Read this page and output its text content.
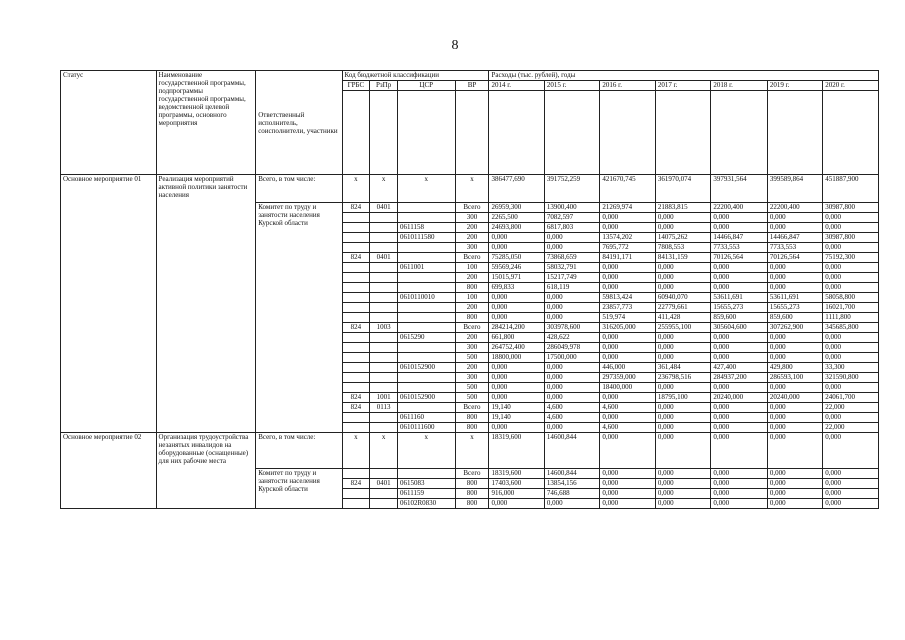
8
Статус	Наименование государственной программы, подпрограммы государственной программы, ведомственной целевой программы, основного мероприятия	Ответственный исполнитель, соисполнители, участники	Код бюджетной классификации				Расходы (тыс. рублей), годы						
			ГРБС	РзПр	ЦСР	ВР	2014 г.	2015 г.	2016 г.	2017 г.	2018 г.	2019 г.	2020 г.

Основное мероприятие 01	Реализация мероприятий активной политики занятости населения	Всего, в том числе:	х	х	х	х	386477,690	391752,259	421670,745	361970,074	397931,564	399589,864	451887,900
		Комитет по труду и занятости населения Курской области	824	0401		Всего	26959,300	13900,400	21269,974	21883,815	22200,400	22200,400	30987,800
						300	2265,500	7082,597	0,000	0,000	0,000	0,000	0,000
					0611158	200	24693,800	6817,803	0,000	0,000	0,000	0,000	0,000
					0610111580	200	0,000	0,000	13574,202	14075,262	14466,847	14466,847	30987,800
						300	0,000	0,000	7695,772	7808,553	7733,553	7733,553	0,000
			824	0401		Всего	75285,050	73868,659	84191,171	84131,159	70126,564	70126,564	75192,300
					0611001	100	59569,246	58032,791	0,000	0,000	0,000	0,000	0,000
						200	15015,971	15217,749	0,000	0,000	0,000	0,000	0,000
						800	699,833	618,119	0,000	0,000	0,000	0,000	0,000
					0610110010	100	0,000	0,000	59813,424	60940,070	53611,691	53611,691	58058,800
						200	0,000	0,000	23857,773	22779,661	15655,273	15655,273	16021,700
						800	0,000	0,000	519,974	411,428	859,600	859,600	1111,800
			824	1003		Всего	284214,200	303978,600	316205,000	255955,100	305604,600	307262,900	345685,800
					0615290	200	661,800	428,622	0,000	0,000	0,000	0,000	0,000
						300	264752,400	286049,978	0,000	0,000	0,000	0,000	0,000
						500	18800,000	17500,000	0,000	0,000	0,000	0,000	0,000
					0610152900	200	0,000	0,000	446,000	361,484	427,400	429,800	33,300
						300	0,000	0,000	297359,000	236798,516	284937,200	286593,100	321590,800
						500	0,000	0,000	18400,000	0,000	0,000	0,000	0,000
			824	1001	0610152900	500	0,000	0,000	0,000	18795,100	20240,000	20240,000	24061,700
			824	0113		Всего	19,140	4,600	4,600	0,000	0,000	0,000	22,000
					0611160	800	19,140	4,600	0,000	0,000	0,000	0,000	0,000
					0610111600	800	0,000	0,000	4,600	0,000	0,000	0,000	22,000
Основное мероприятие 02	Организация трудоустройства незанятых инвалидов на оборудованные (оснащенные) для них рабочие места	Всего, в том числе:	х	х	х	х	18319,600	14600,844	0,000	0,000	0,000	0,000	0,000
		Комитет по труду и занятости населения Курской области				Всего	18319,600	14600,844	0,000	0,000	0,000	0,000	0,000
			824	0401	0615083	800	17403,600	13854,156	0,000	0,000	0,000	0,000	0,000
					0611159	800	916,000	746,688	0,000	0,000	0,000	0,000	0,000
					06102R0830	800	0,000	0,000	0,000	0,000	0,000	0,000	0,000
